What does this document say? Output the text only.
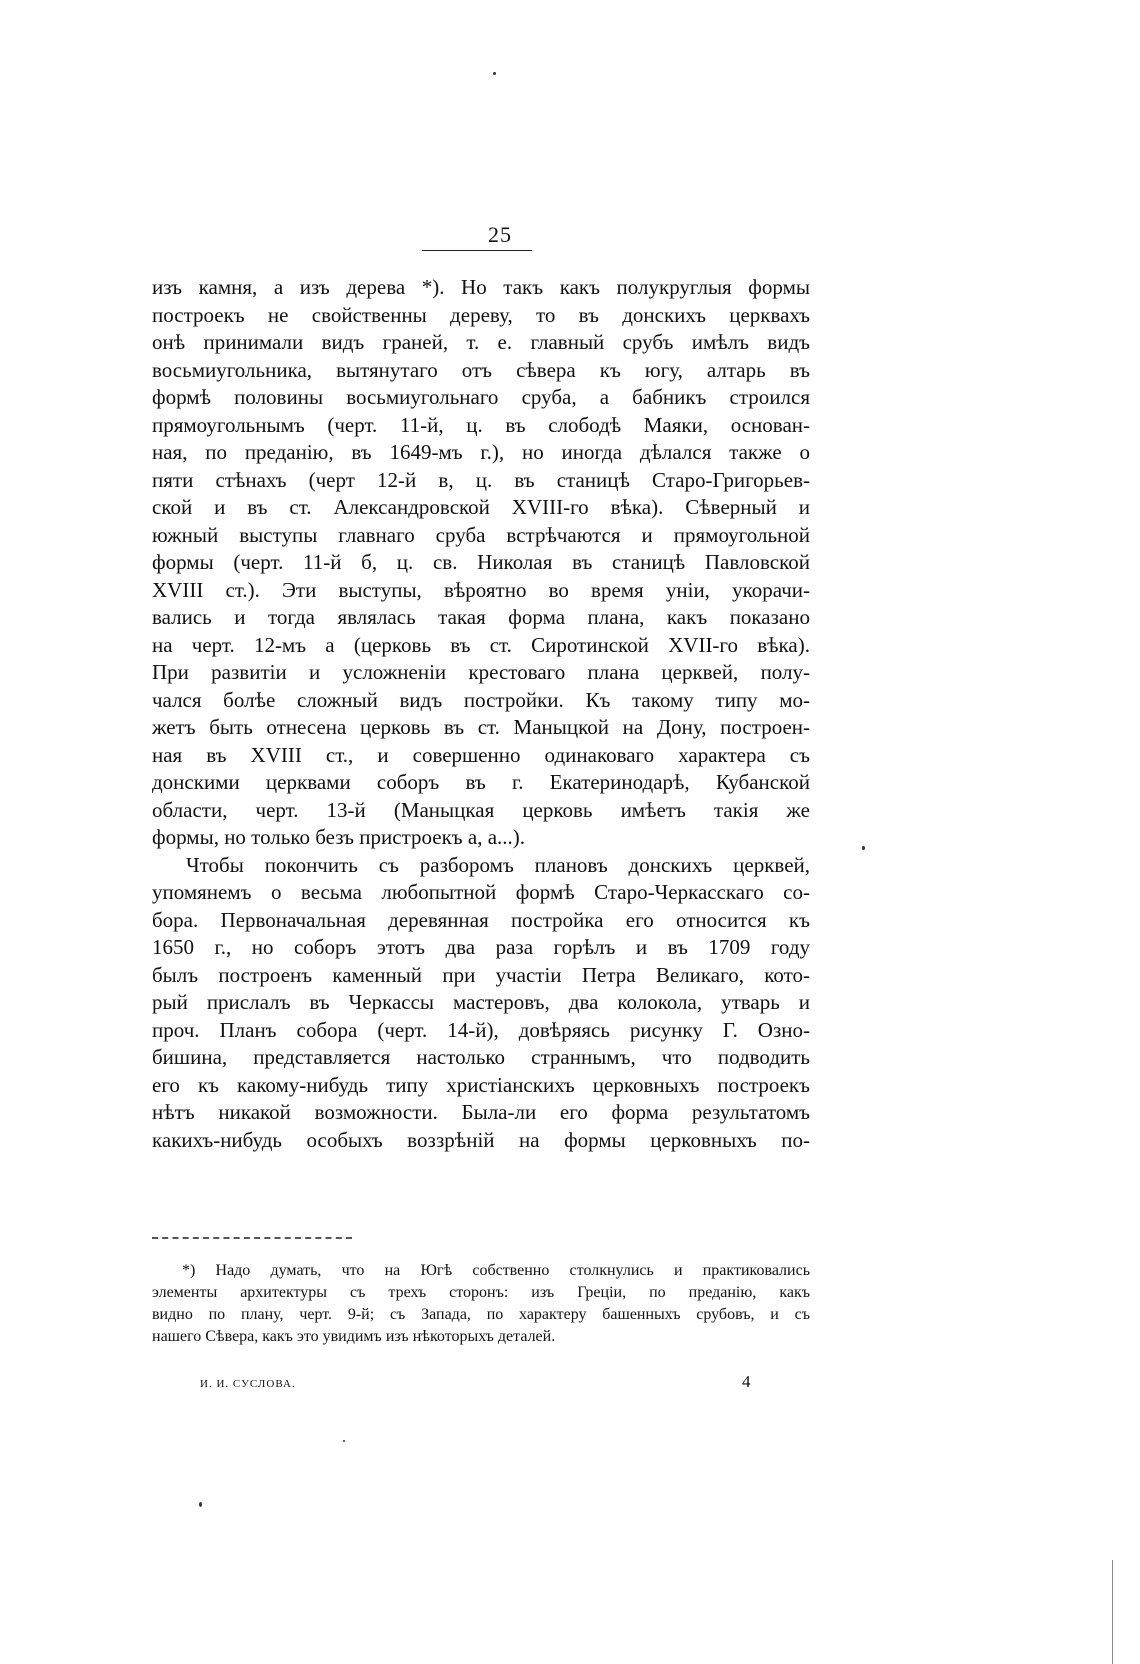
25
изъ камня, а изъ дерева *). Но такъ какъ полукруглыя формы
построекъ не свойственны дереву, то въ донскихъ церквахъ
онѣ принимали видъ граней, т. е. главный срубъ имѣлъ видъ
восьмиугольника, вытянутаго отъ сѣвера къ югу, алтарь въ
формѣ половины восьмиугольнаго сруба, а бабникъ строился
прямоугольнымъ (черт. 11-й, ц. въ слободѣ Маяки, основан-
ная, по преданію, въ 1649-мъ г.), но иногда дѣлался также о
пяти стѣнахъ (черт 12-й в, ц. въ станицѣ Старо-Григорьев-
ской и въ ст. Александровской XVIII-го вѣка). Сѣверный и
южный выступы главнаго сруба встрѣчаются и прямоугольной
формы (черт. 11-й б, ц. св. Николая въ станицѣ Павловской
XVIII ст.). Эти выступы, вѣроятно во время уніи, укорачи-
вались и тогда являлась такая форма плана, какъ показано
на черт. 12-мъ а (церковь въ ст. Сиротинской XVII-го вѣка).
При развитіи и усложненіи крестоваго плана церквей, полу-
чался болѣе сложный видъ постройки. Къ такому типу мо-
жетъ быть отнесена церковь въ ст. Маныцкой на Дону, построен-
ная въ XVIII ст., и совершенно одинаковаго характера съ
донскими церквами соборъ въ г. Екатеринодарѣ, Кубанской
области, черт. 13-й (Маныцкая церковь имѣетъ такія же
формы, но только безъ пристроекъ а, а...).
Чтобы покончить съ разборомъ плановъ донскихъ церквей,
упомянемъ о весьма любопытной формѣ Старо-Черкасскаго со-
бора. Первоначальная деревянная постройка его относится къ
1650 г., но соборъ этотъ два раза горѣлъ и въ 1709 году
былъ построенъ каменный при участіи Петра Великаго, кото-
рый прислалъ въ Черкассы мастеровъ, два колокола, утварь и
проч. Планъ собора (черт. 14-й), довѣряясь рисунку Г. Озно-
бишина, представляется настолько страннымъ, что подводить
его къ какому-нибудь типу христіанскихъ церковныхъ построекъ
нѣтъ никакой возможности. Была-ли его форма результатомъ
какихъ-нибудь особыхъ воззрѣній на формы церковныхъ по-
*) Надо думать, что на Югѣ собственно столкнулись и практиковались
элементы архитектуры съ трехъ сторонъ: изъ Греціи, по преданію, какъ
видно по плану, черт. 9-й; съ Запада, по характеру башенныхъ срубовъ, и съ
нашего Сѣвера, какъ это увидимъ изъ нѣкоторыхъ деталей.
И. И. СУСЛОВА.	4
